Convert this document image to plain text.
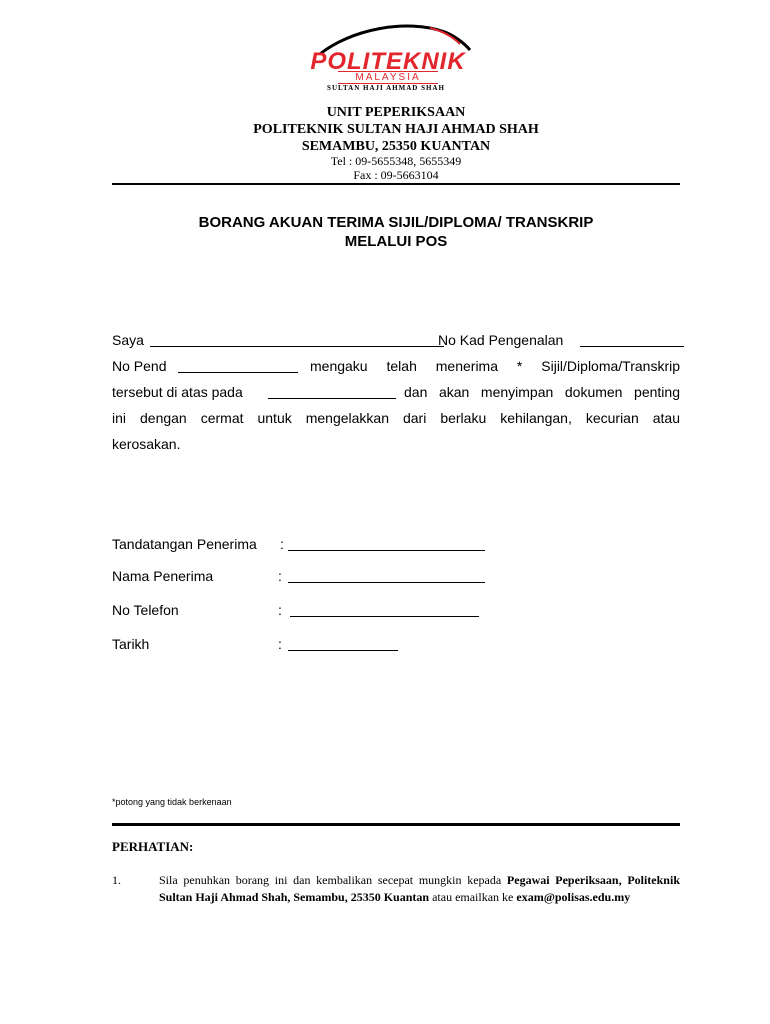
POLITEKNIK
MALAYSIA
SULTAN HAJI AHMAD SHAH
UNIT PEPERIKSAAN
POLITEKNIK SULTAN HAJI AHMAD SHAH
SEMAMBU, 25350 KUANTAN
Tel : 09-5655348, 5655349
Fax : 09-5663104
BORANG AKUAN TERIMA SIJIL/DIPLOMA/ TRANSKRIP
MELALUI POS
Saya	No Kad Pengenalan
No Pend	mengaku telah menerima * Sijil/Diploma/Transkrip
tersebut di atas pada	dan akan menyimpan dokumen penting
ini dengan cermat untuk mengelakkan dari berlaku kehilangan, kecurian atau
kerosakan.
Tandatangan Penerima :
Nama Penerima	:
No Telefon	:
Tarikh	:
*potong yang tidak berkenaan
PERHATIAN:
1.	Sila penuhkan borang ini dan kembalikan secepat mungkin kepada Pegawai Peperiksaan, Politeknik Sultan Haji Ahmad Shah, Semambu, 25350 Kuantan atau emailkan ke exam@polisas.edu.my
